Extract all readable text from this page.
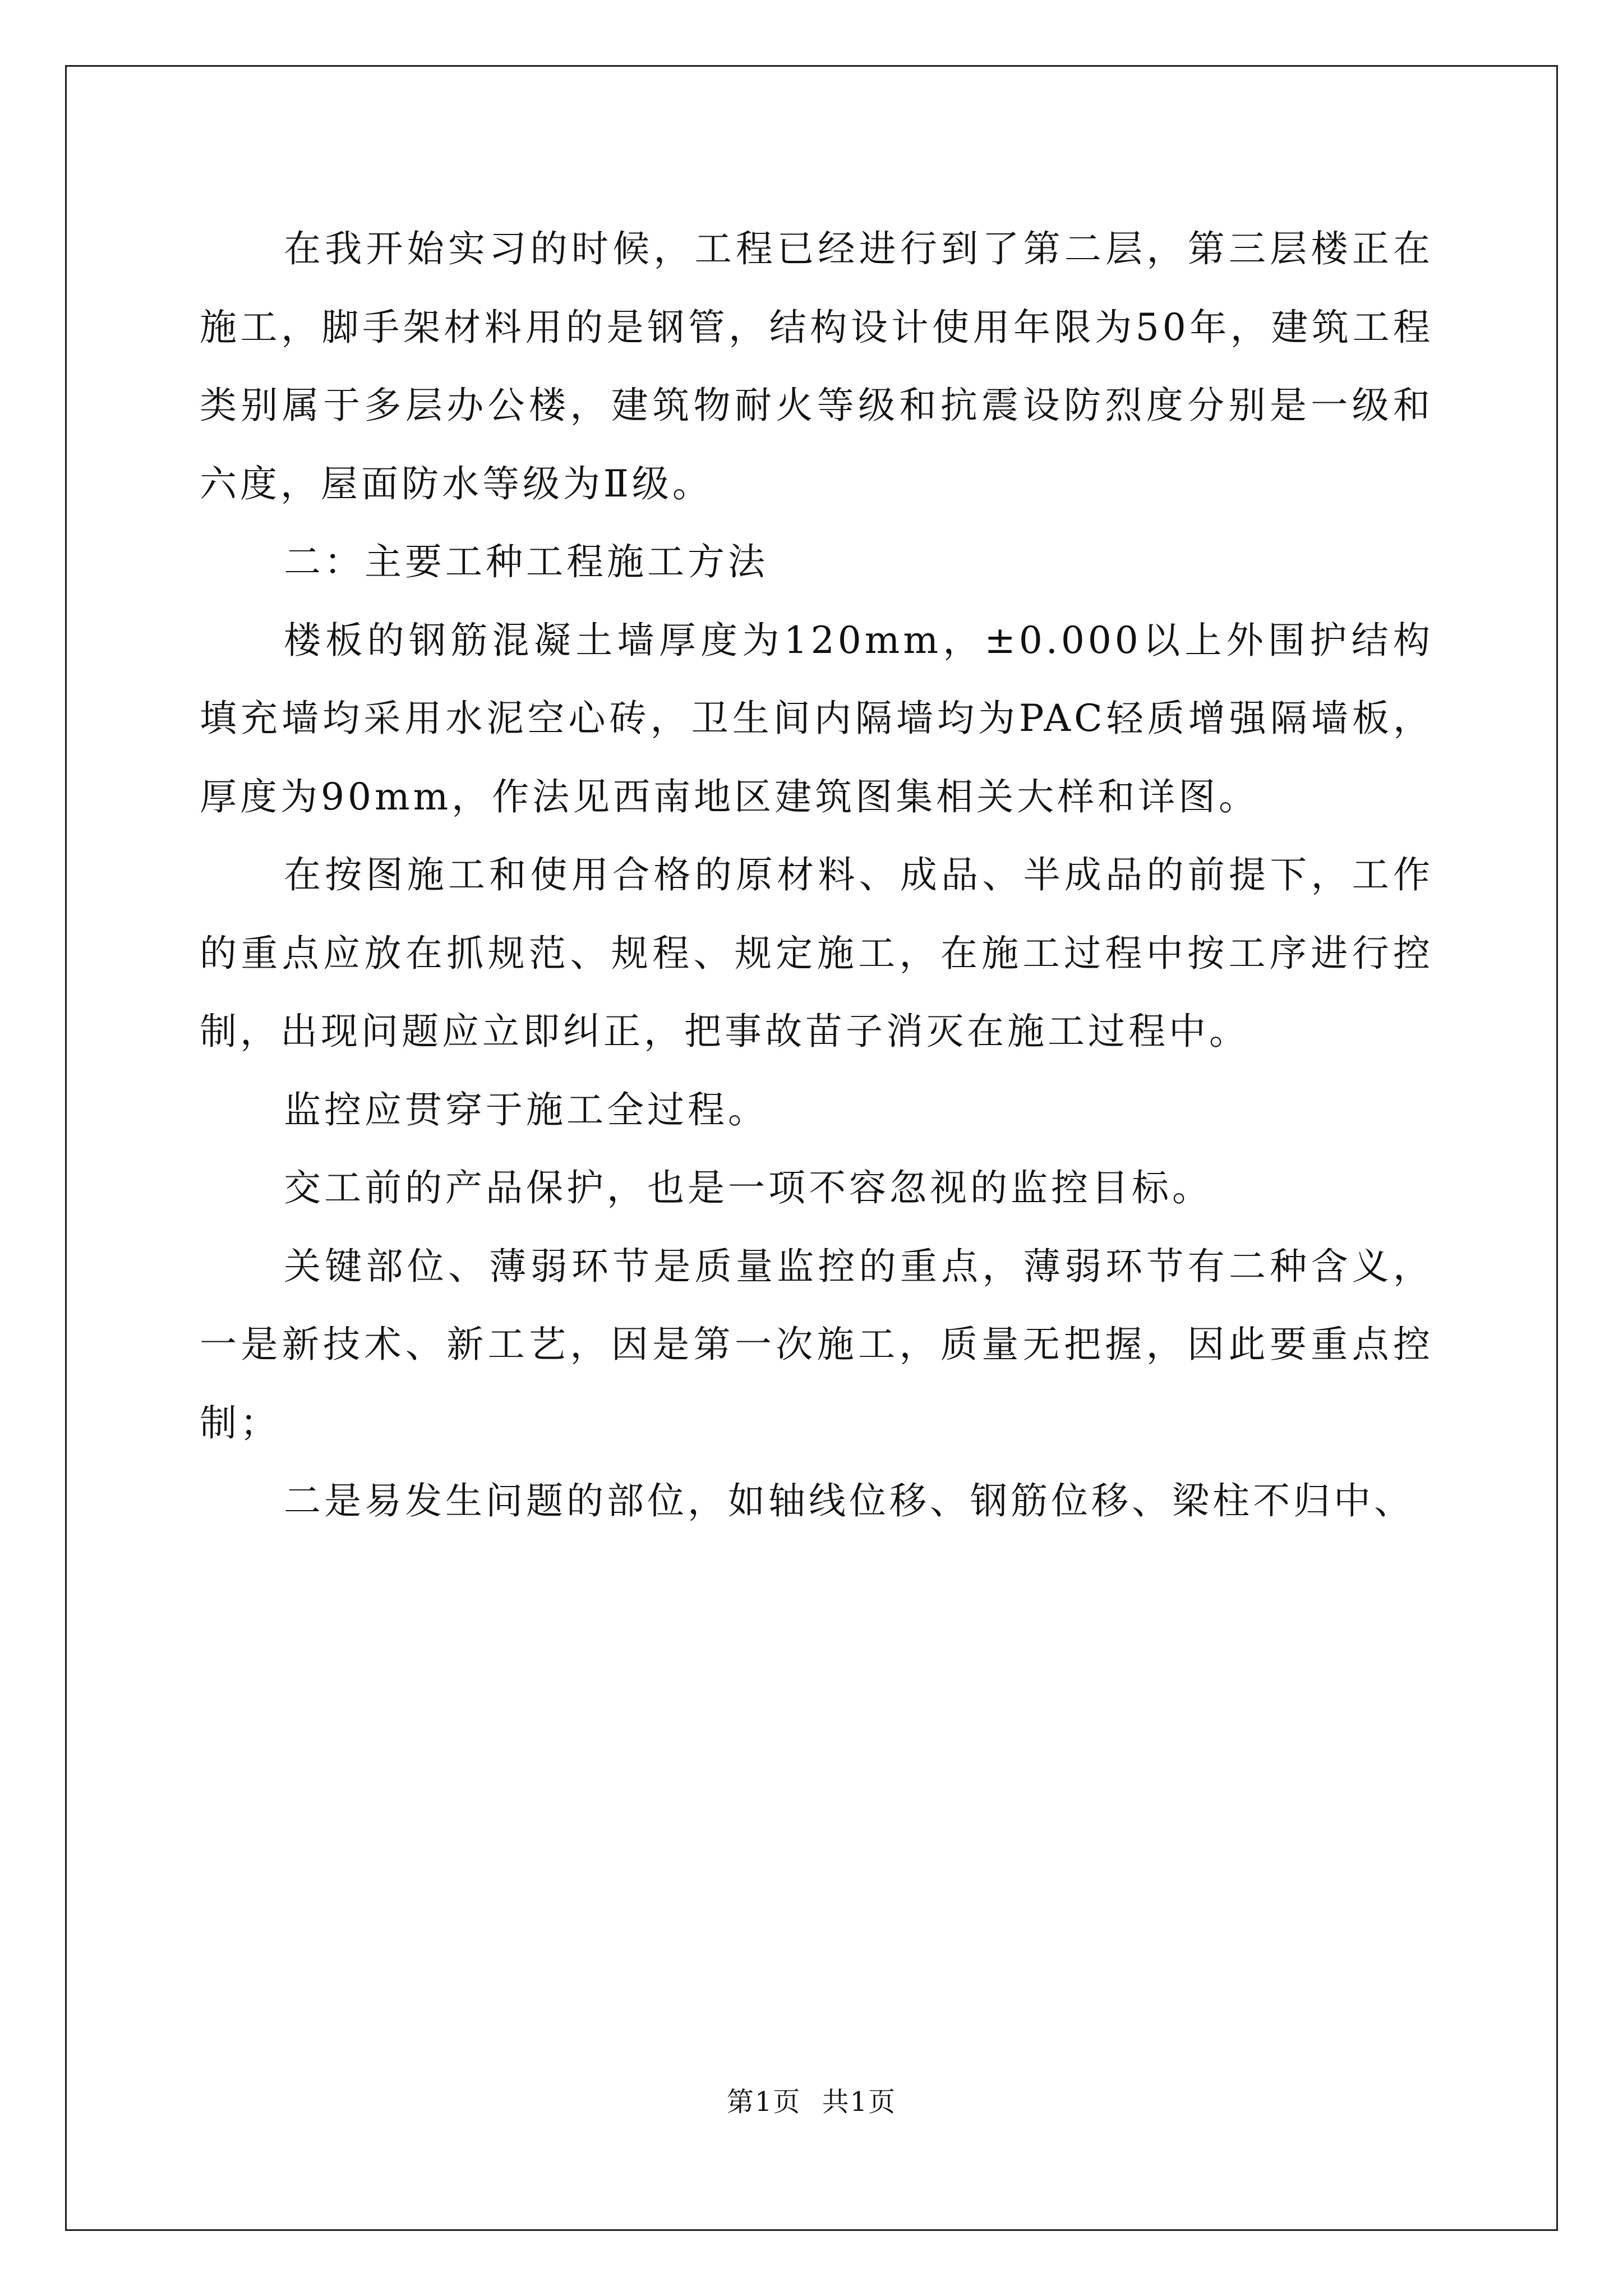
在我开始实习的时候，工程已经进行到了第二层，第三层楼正在施工，脚手架材料用的是钢管，结构设计使用年限为50年，建筑工程类别属于多层办公楼，建筑物耐火等级和抗震设防烈度分别是一级和六度，屋面防水等级为Ⅱ级。

二：主要工种工程施工方法

楼板的钢筋混凝土墙厚度为120mm，±0.000以上外围护结构填充墙均采用水泥空心砖，卫生间内隔墙均为PAC轻质增强隔墙板，厚度为90mm，作法见西南地区建筑图集相关大样和详图。

在按图施工和使用合格的原材料、成品、半成品的前提下，工作的重点应放在抓规范、规程、规定施工，在施工过程中按工序进行控制，出现问题应立即纠正，把事故苗子消灭在施工过程中。

监控应贯穿于施工全过程。

交工前的产品保护，也是一项不容忽视的监控目标。

关键部位、薄弱环节是质量监控的重点，薄弱环节有二种含义，一是新技术、新工艺，因是第一次施工，质量无把握，因此要重点控制；

二是易发生问题的部位，如轴线位移、钢筋位移、梁柱不归中、

第1页 共1页
